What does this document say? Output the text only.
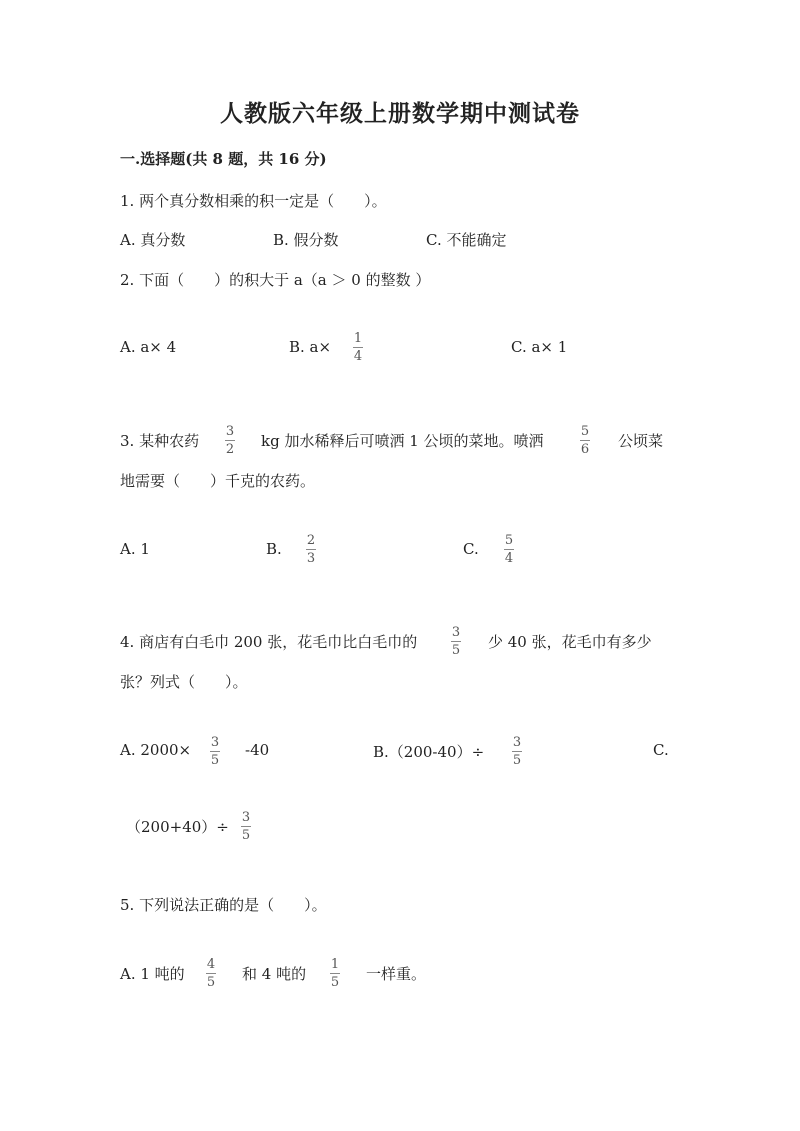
人教版六年级上册数学期中测试卷
一.选择题(共 8 题，共 16 分)
1. 两个真分数相乘的积一定是（　　）。
A. 真分数	B. 假分数	C. 不能确定
2. 下面（　　）的积大于 a（a ＞ 0 的整数 ）
A. a× 4	B. a× 1
4
C. a× 1
3. 某种农药
3
2 kg 加水稀释后可喷洒 1 公顷的菜地。喷洒
5
6 公顷菜
地需要（　　）千克的农药。
A. 1	B. 2
3
C. 5
4
4. 商店有白毛巾 200 张，花毛巾比白毛巾的
3
5 少 40 张，花毛巾有多少
张？列式（　　）。
A. 2000× 3
5
-40	B.（200-40）÷
3
5
C.
（200+40）÷
3
5
5. 下列说法正确的是（　　）。
A. 1 吨的
4
5 和 4 吨的
1
5 一样重。
